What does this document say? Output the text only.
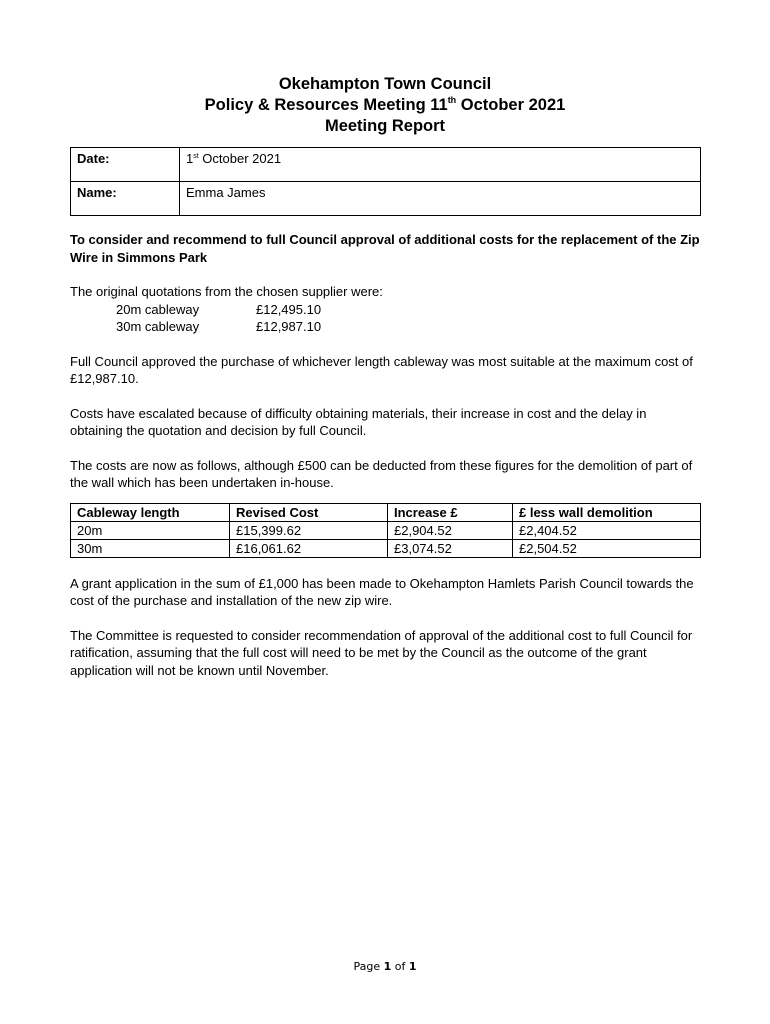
Okehampton Town Council
Policy & Resources Meeting 11th October 2021
Meeting Report
Date:	1st October 2021
Name:	Emma James

To consider and recommend to full Council approval of additional costs for the replacement of the Zip Wire in Simmons Park

The original quotations from the chosen supplier were:

20m cableway	£12,495.10
30m cableway	£12,987.10

Full Council approved the purchase of whichever length cableway was most suitable at the maximum cost of £12,987.10.

Costs have escalated because of difficulty obtaining materials, their increase in cost and the delay in obtaining the quotation and decision by full Council.

The costs are now as follows, although £500 can be deducted from these figures for the demolition of part of the wall which has been undertaken in-house.

Cableway length	Revised Cost	Increase £	£ less wall demolition
20m	£15,399.62	£2,904.52	£2,404.52
30m	£16,061.62	£3,074.52	£2,504.52

A grant application in the sum of £1,000 has been made to Okehampton Hamlets Parish Council towards the cost of the purchase and installation of the new zip wire.

The Committee is requested to consider recommendation of approval of the additional cost to full Council for ratification, assuming that the full cost will need to be met by the Council as the outcome of the grant application will not be known until November.

Page 1 of 1
